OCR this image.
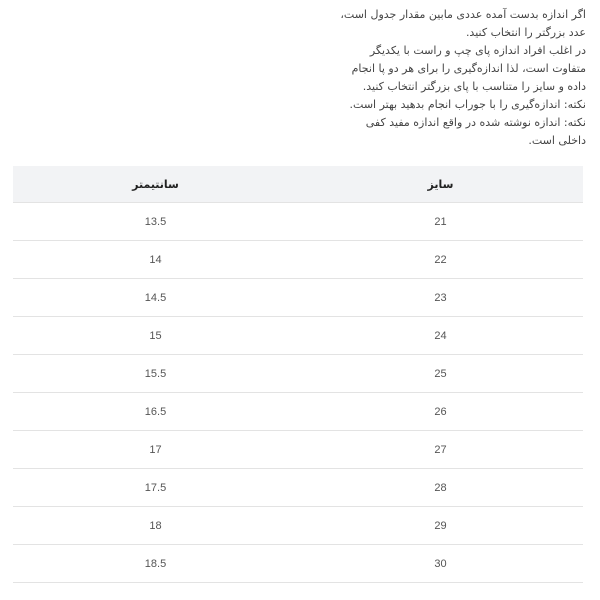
اگر اندازه بدست آمده عددی مابین مقدار جدول است،
عدد بزرگتر را انتخاب کنید.
در اغلب افراد اندازه پای چپ و راست با یکدیگر
متفاوت است، لذا اندازه‌گیری را برای هر دو پا انجام
داده و سایز را متناسب با پای بزرگتر انتخاب کنید.
نکته: اندازه‌گیری را با جوراب انجام بدهید بهتر است.
نکته: اندازه نوشته شده در واقع اندازه مفید کفی
داخلی است.
سایز	سانتیمتر
21	13.5
22	14
23	14.5
24	15
25	15.5
26	16.5
27	17
28	17.5
29	18
30	18.5
